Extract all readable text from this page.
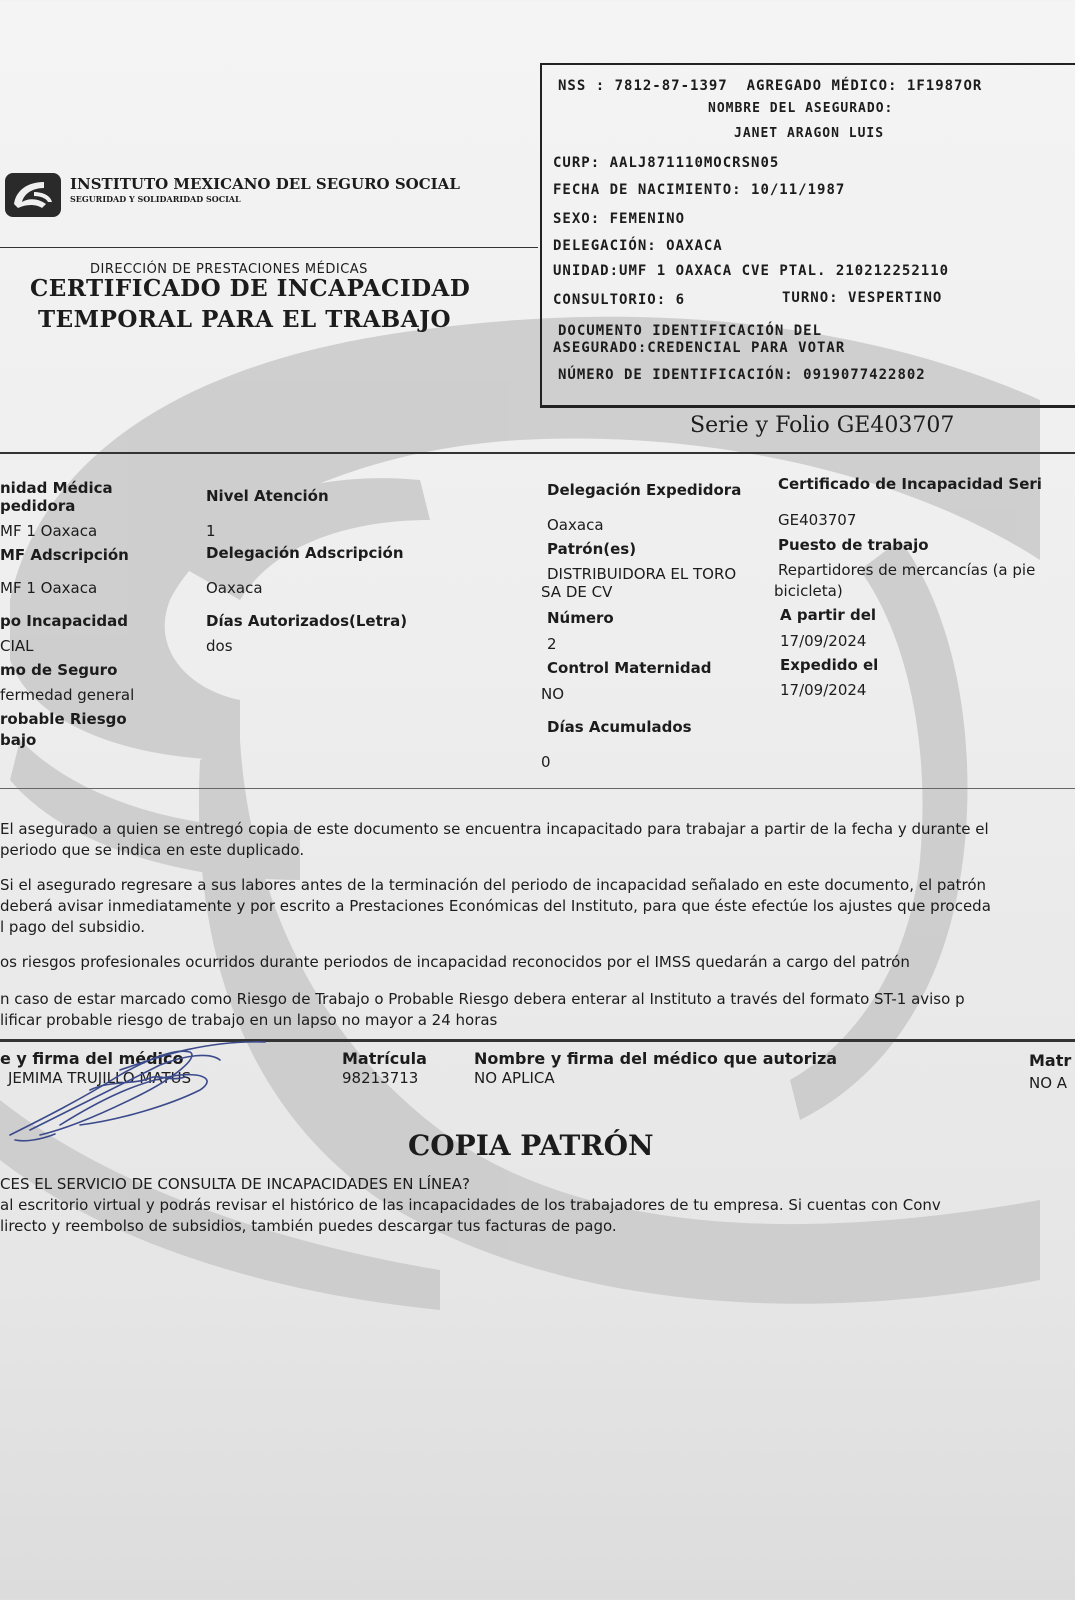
NSS : 7812-87-1397 AGREGADO MÉDICO: 1F1987OR
NOMBRE DEL ASEGURADO:
JANET ARAGON LUIS
CURP: AALJ871110MOCRSN05
FECHA DE NACIMIENTO: 10/11/1987
SEXO: FEMENINO
DELEGACIÓN: OAXACA
UNIDAD:UMF 1 OAXACA CVE PTAL. 210212252110
CONSULTORIO: 6	TURNO: VESPERTINO
DOCUMENTO IDENTIFICACIÓN DEL
ASEGURADO:CREDENCIAL PARA VOTAR
NÚMERO DE IDENTIFICACIÓN: 0919077422802
INSTITUTO MEXICANO DEL SEGURO SOCIAL
SEGURIDAD Y SOLIDARIDAD SOCIAL
DIRECCIÓN DE PRESTACIONES MÉDICAS
CERTIFICADO DE INCAPACIDAD
TEMPORAL PARA EL TRABAJO
Serie y Folio GE403707
nidad Médica
pedidora
MF 1 Oaxaca
MF Adscripción
MF 1 Oaxaca
po Incapacidad
CIAL
mo de Seguro
fermedad general
robable Riesgo
bajo
Nivel Atención
1
Delegación Adscripción
Oaxaca
Días Autorizados(Letra)
dos
Delegación Expedidora
Oaxaca
Patrón(es)
DISTRIBUIDORA EL TORO
SA DE CV
Número
2
Control Maternidad
NO
Días Acumulados
0
Certificado de Incapacidad Seri
GE403707
Puesto de trabajo
Repartidores de mercancías (a pie
bicicleta)
A partir del
17/09/2024
Expedido el
17/09/2024
El asegurado a quien se entregó copia de este documento se encuentra incapacitado para trabajar a partir de la fecha y durante el
periodo que se indica en este duplicado.
Si el asegurado regresare a sus labores antes de la terminación del periodo de incapacidad señalado en este documento, el patrón
deberá avisar inmediatamente y por escrito a Prestaciones Económicas del Instituto, para que éste efectúe los ajustes que proceda
l pago del subsidio.
os riesgos profesionales ocurridos durante periodos de incapacidad reconocidos por el IMSS quedarán a cargo del patrón
n caso de estar marcado como Riesgo de Trabajo o Probable Riesgo debera enterar al Instituto a través del formato ST-1 aviso p
lificar probable riesgo de trabajo en un lapso no mayor a 24 horas
e y firma del médico
JEMIMA TRUJILLO MATUS
Matrícula
98213713
Nombre y firma del médico que autoriza
NO APLICA
Matr
NO A
COPIA PATRÓN
CES EL SERVICIO DE CONSULTA DE INCAPACIDADES EN LÍNEA?
al escritorio virtual y podrás revisar el histórico de las incapacidades de los trabajadores de tu empresa. Si cuentas con Conv
lirecto y reembolso de subsidios, también puedes descargar tus facturas de pago.
